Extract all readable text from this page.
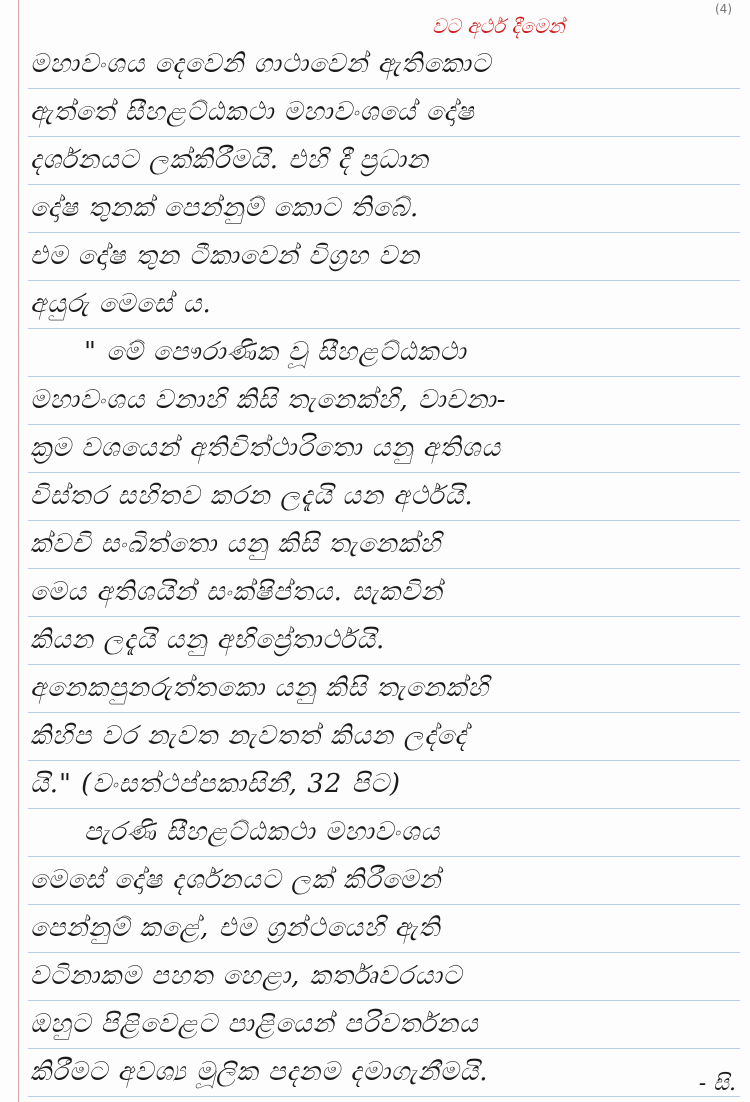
(4)
වට අර්ථ දීමෙන්
මහාවංශය දෙවෙනි ගාථාවෙන් ඇතිකොට
ඇත්තේ සීහළට්ඨකථා මහාවංශයේ දෝෂ
දර්ශනයට ලක්කිරීමයි. එහි දී ප්‍රධාන
දෝෂ තුනක් පෙන්නුම් කොට තිබේ.
එම දෝෂ තුන ටීකාවෙන් විග්‍රහ වන
අයුරු මෙසේ ය.
" මේ පෞරාණික වූ සීහළට්ඨකථා
මහාවංශය වනාහි කිසි තැනෙක්හි, වාචනා-
ක්‍රම වශයෙන් අතිවිත්ථාරිතො යනු අතිශය
විස්තර සහිතව කරන ලදැයි යන අර්ථයි.
ක්වචි සංඛිත්තො යනු කිසි තැනෙක්හි
මෙය අතිශයින් සංක්ෂිප්තය. සැකවින්
කියන ලදැයි යනු අභිප්‍රේතාර්ථයි.
අනෙකපුනරුත්තකො යනු කිසි තැනෙක්හි
කිහිප වර නැවත නැවතත් කියන ලද්දේ
යි." (වංසත්ථප්පකාසිනී, 32 පිට)
පැරණි සීහළට්ඨකථා මහාවංශය
මෙසේ දෝෂ දර්ශනයට ලක් කිරීමෙන්
පෙන්නුම් කළේ, එම ග්‍රන්ථයෙහි ඇති
වටිනාකම පහත හෙළා, කර්තෘවරයාට
ඔහුට පිළිවෙළට පාළියෙන් පරිවර්තනය
කිරීමට අවශ්‍ය මූලික පදනම දමාගැනීමයි.	- සි.
